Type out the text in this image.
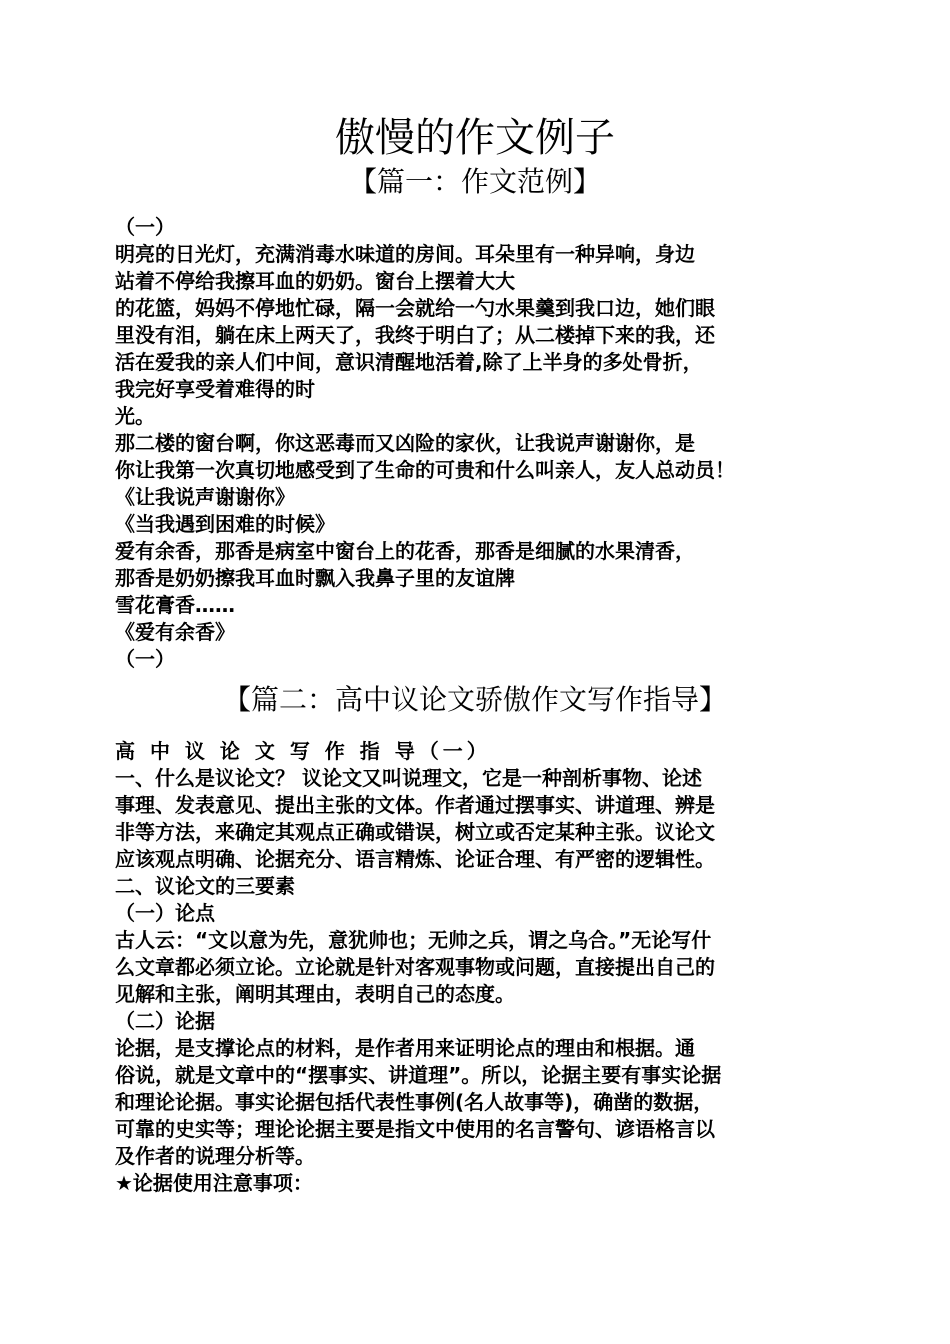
傲慢的作文例子
【篇一：作文范例】
（一）
明亮的日光灯，充满消毒水味道的房间。耳朵里有一种异响，身边
站着不停给我擦耳血的奶奶。窗台上摆着大大
的花篮，妈妈不停地忙碌，隔一会就给一勺水果羹到我口边，她们眼
里没有泪，躺在床上两天了，我终于明白了；从二楼掉下来的我，还
活在爱我的亲人们中间，意识清醒地活着,除了上半身的多处骨折，
我完好享受着难得的时
光。
那二楼的窗台啊，你这恶毒而又凶险的家伙，让我说声谢谢你，是
你让我第一次真切地感受到了生命的可贵和什么叫亲人，友人总动员！
《让我说声谢谢你》
《当我遇到困难的时候》
爱有余香，那香是病室中窗台上的花香，那香是细腻的水果清香，
那香是奶奶擦我耳血时飘入我鼻子里的友谊牌
雪花膏香……
《爱有余香》
（一）
【篇二：高中议论文骄傲作文写作指导】
高 中 议 论 文 写 作 指 导（一）
一、什么是议论文？ 议论文又叫说理文，它是一种剖析事物、论述
事理、发表意见、提出主张的文体。作者通过摆事实、讲道理、辨是
非等方法，来确定其观点正确或错误，树立或否定某种主张。议论文
应该观点明确、论据充分、语言精炼、论证合理、有严密的逻辑性。
二、议论文的三要素
（一）论点
古人云：“文以意为先，意犹帅也；无帅之兵，谓之乌合。”无论写什
么文章都必须立论。立论就是针对客观事物或问题，直接提出自己的
见解和主张，阐明其理由，表明自己的态度。
（二）论据
论据，是支撑论点的材料，是作者用来证明论点的理由和根据。通
俗说，就是文章中的“摆事实、讲道理”。所以，论据主要有事实论据
和理论论据。事实论据包括代表性事例(名人故事等)，确凿的数据，
可靠的史实等；理论论据主要是指文中使用的名言警句、谚语格言以
及作者的说理分析等。
★论据使用注意事项：
